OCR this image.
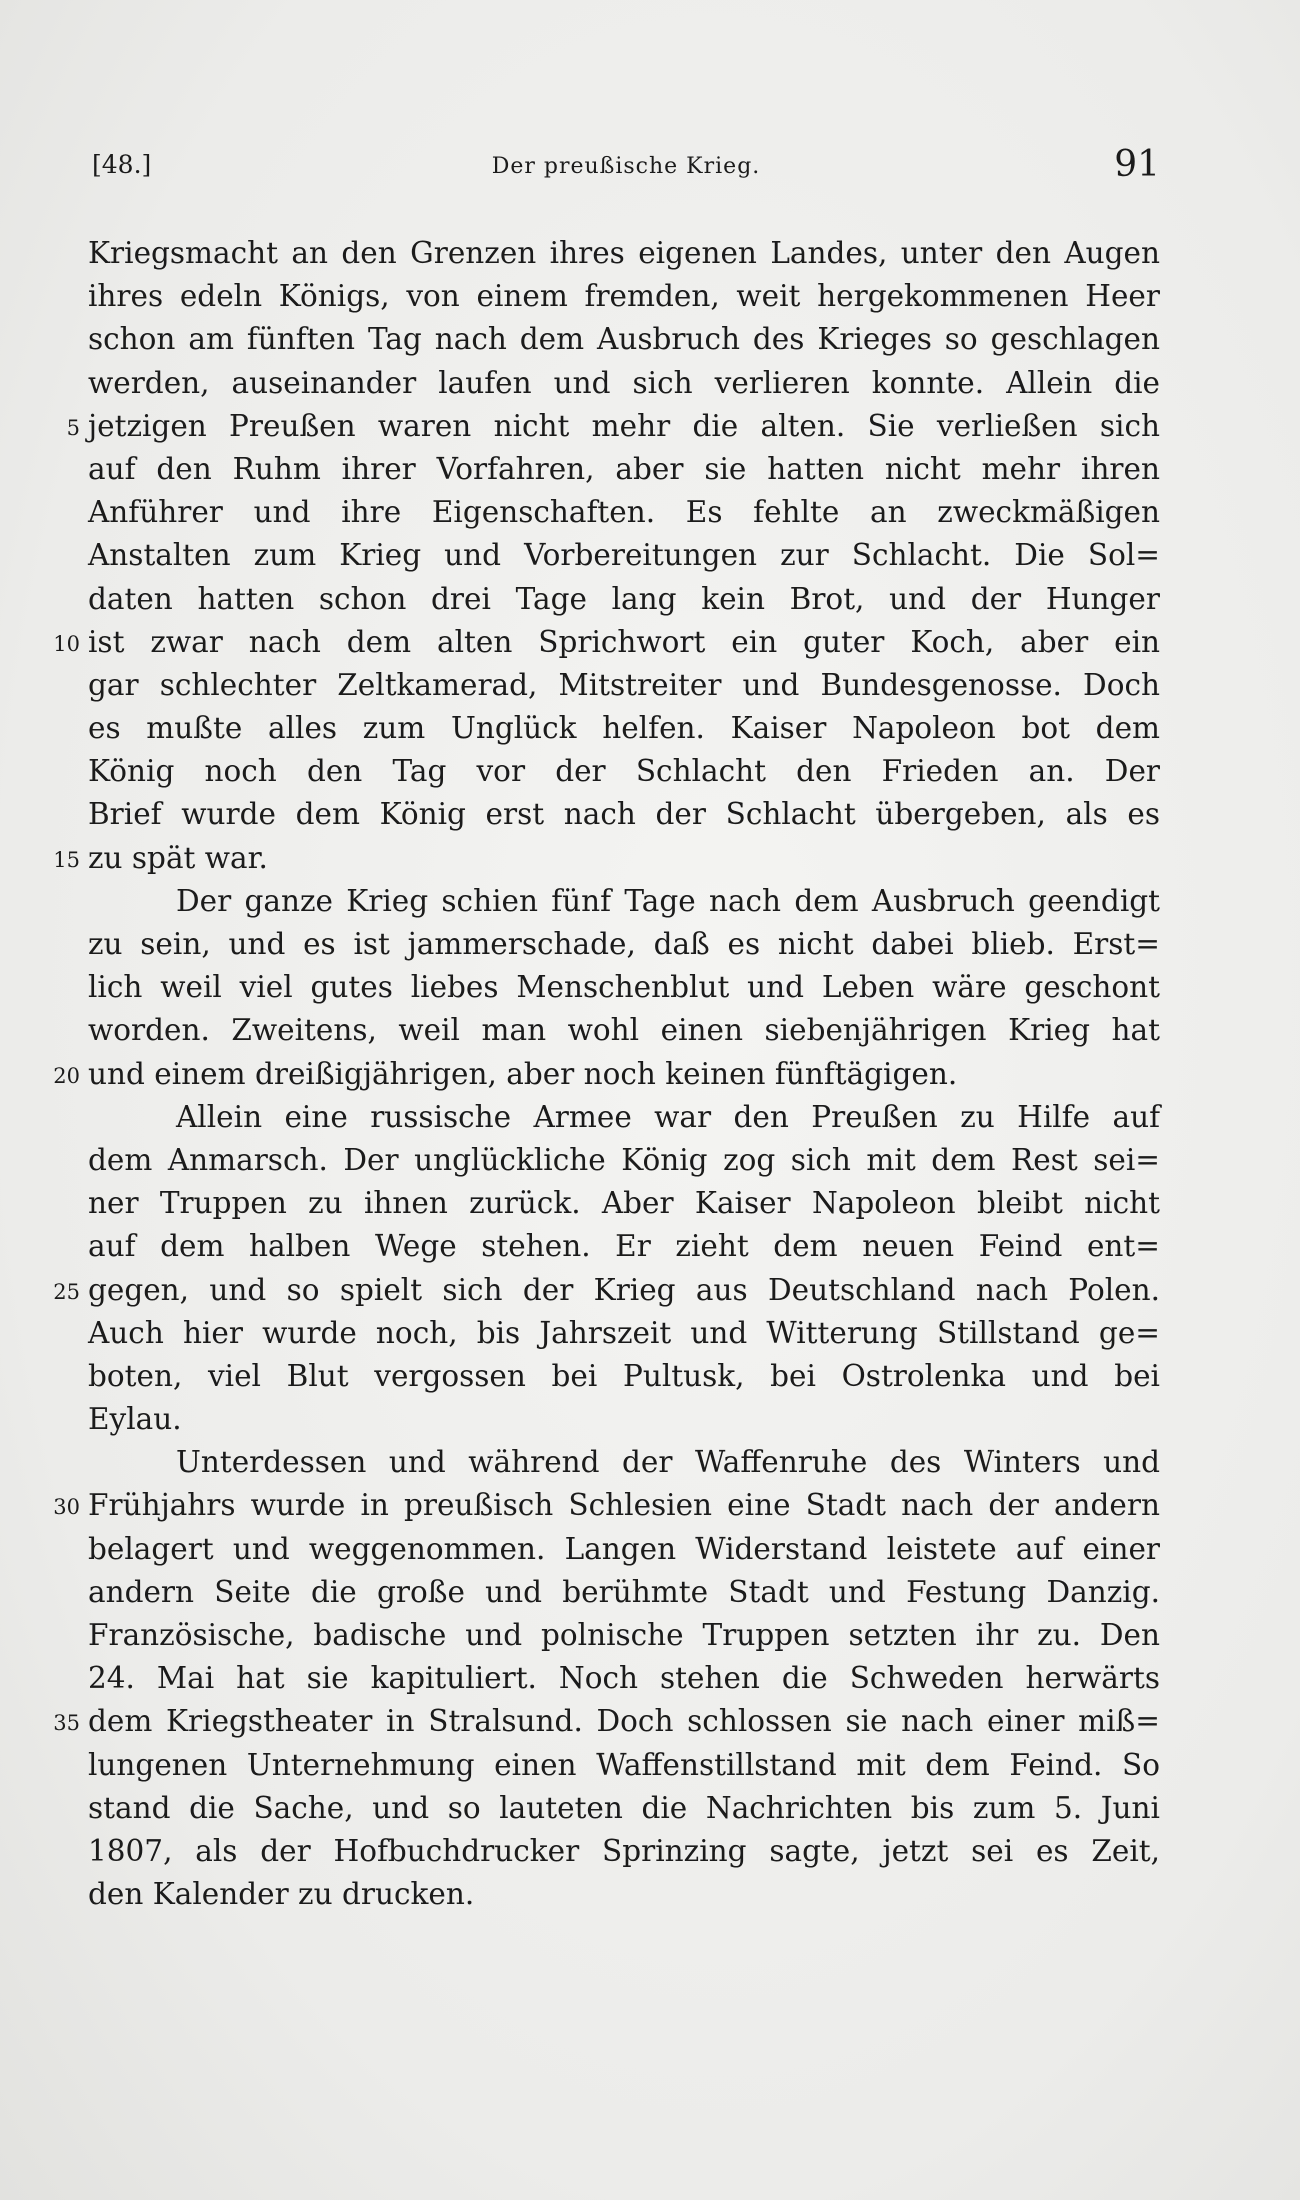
[48.]	Der preußische Krieg.	91
Kriegsmacht an den Grenzen ihres eigenen Landes, unter den Augen
ihres edeln Königs, von einem fremden, weit hergekommenen Heer
schon am fünften Tag nach dem Ausbruch des Krieges so geschlagen
werden, auseinander laufen und sich verlieren konnte. Allein die
5 jetzigen Preußen waren nicht mehr die alten. Sie verließen sich
auf den Ruhm ihrer Vorfahren, aber sie hatten nicht mehr ihren
Anführer und ihre Eigenschaften. Es fehlte an zweckmäßigen
Anstalten zum Krieg und Vorbereitungen zur Schlacht. Die Sol=
daten hatten schon drei Tage lang kein Brot, und der Hunger
10 ist zwar nach dem alten Sprichwort ein guter Koch, aber ein
gar schlechter Zeltkamerad, Mitstreiter und Bundesgenosse. Doch
es mußte alles zum Unglück helfen. Kaiser Napoleon bot dem
König noch den Tag vor der Schlacht den Frieden an. Der
Brief wurde dem König erst nach der Schlacht übergeben, als es
15 zu spät war.
Der ganze Krieg schien fünf Tage nach dem Ausbruch geendigt
zu sein, und es ist jammerschade, daß es nicht dabei blieb. Erst=
lich weil viel gutes liebes Menschenblut und Leben wäre geschont
worden. Zweitens, weil man wohl einen siebenjährigen Krieg hat
20 und einem dreißigjährigen, aber noch keinen fünftägigen.
Allein eine russische Armee war den Preußen zu Hilfe auf
dem Anmarsch. Der unglückliche König zog sich mit dem Rest sei=
ner Truppen zu ihnen zurück. Aber Kaiser Napoleon bleibt nicht
auf dem halben Wege stehen. Er zieht dem neuen Feind ent=
25 gegen, und so spielt sich der Krieg aus Deutschland nach Polen.
Auch hier wurde noch, bis Jahrszeit und Witterung Stillstand ge=
boten, viel Blut vergossen bei Pultusk, bei Ostrolenka und bei
Eylau.
Unterdessen und während der Waffenruhe des Winters und
30 Frühjahrs wurde in preußisch Schlesien eine Stadt nach der andern
belagert und weggenommen. Langen Widerstand leistete auf einer
andern Seite die große und berühmte Stadt und Festung Danzig.
Französische, badische und polnische Truppen setzten ihr zu. Den
24. Mai hat sie kapituliert. Noch stehen die Schweden herwärts
35 dem Kriegstheater in Stralsund. Doch schlossen sie nach einer miß=
lungenen Unternehmung einen Waffenstillstand mit dem Feind. So
stand die Sache, und so lauteten die Nachrichten bis zum 5. Juni
1807, als der Hofbuchdrucker Sprinzing sagte, jetzt sei es Zeit,
den Kalender zu drucken.
